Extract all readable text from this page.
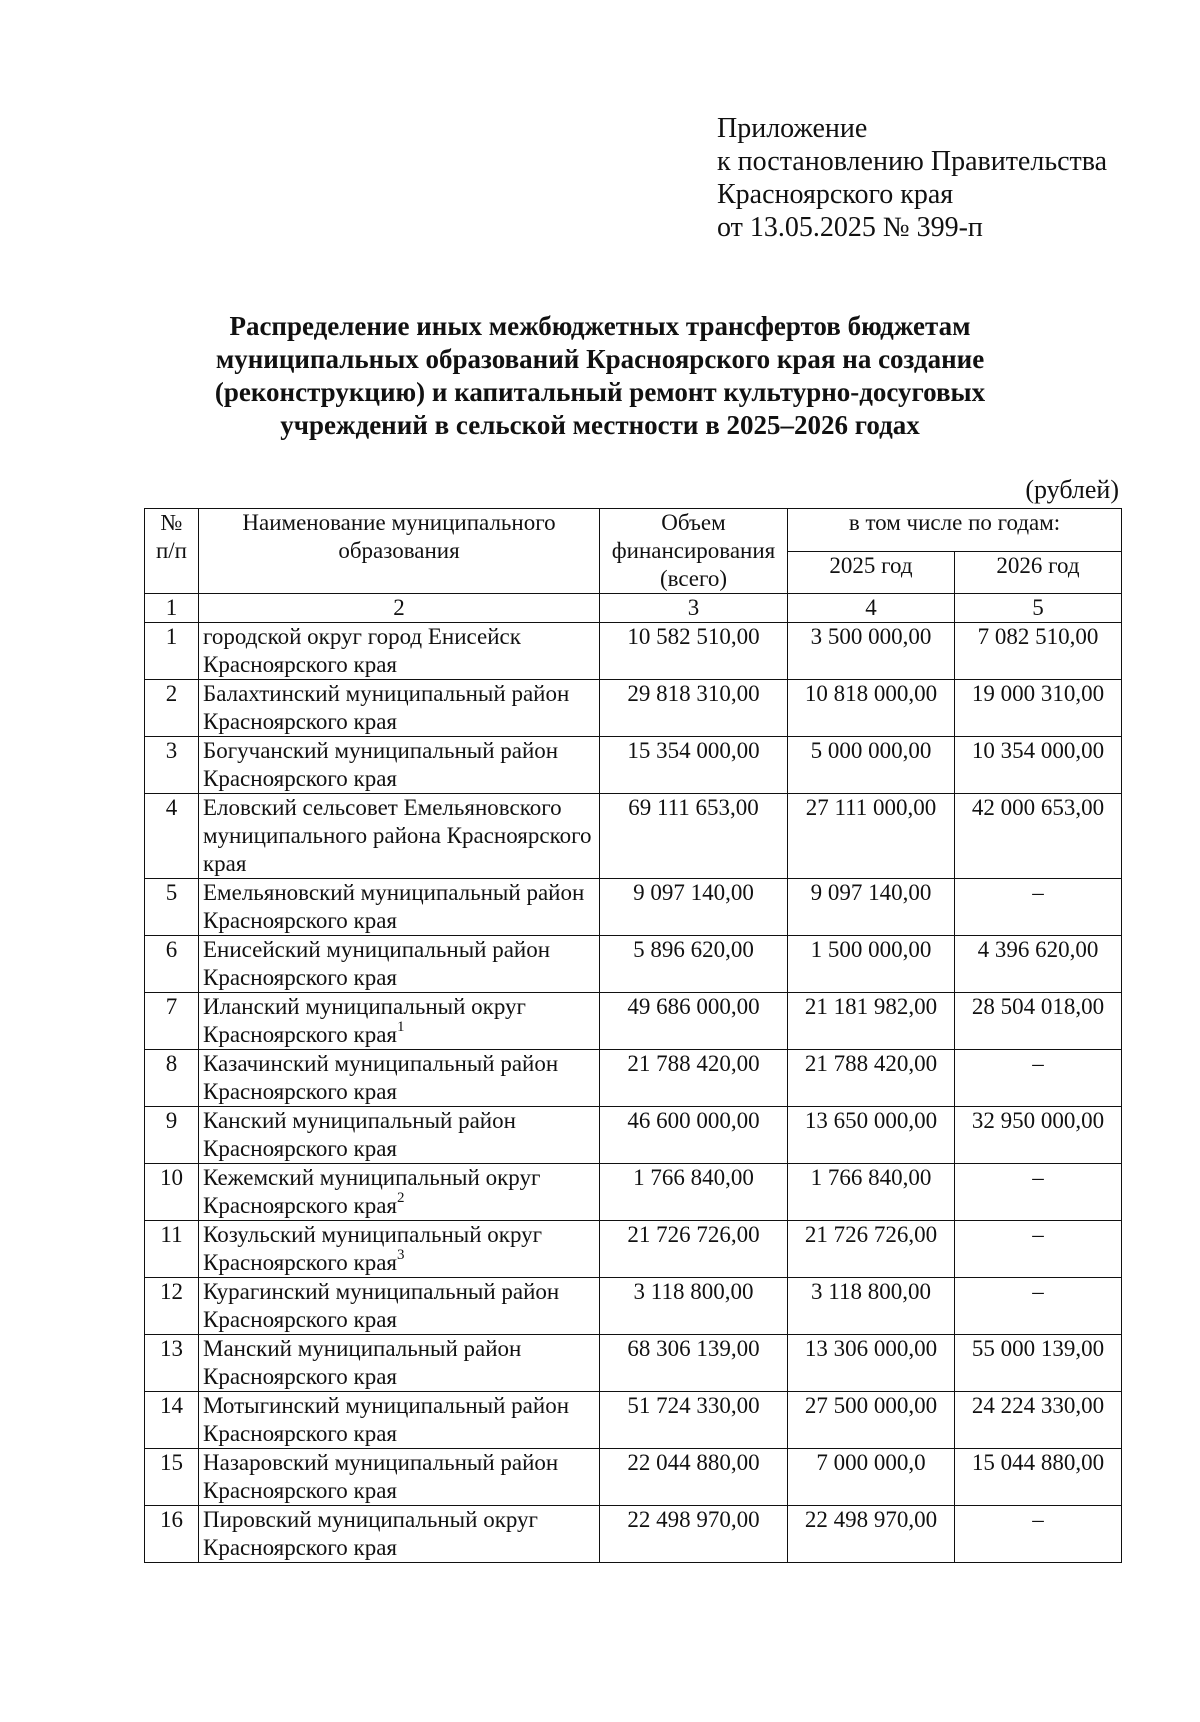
Приложение
к постановлению Правительства
Красноярского края
от 13.05.2025 № 399-п
Распределение иных межбюджетных трансфертов бюджетам
муниципальных образований Красноярского края на создание
(реконструкцию) и капитальный ремонт культурно-досуговых
учреждений в сельской местности в 2025–2026 годах
(рублей)
№ п/п	Наименование муниципального образования	Объем финансирования (всего)	в том числе по годам:	
			2025 год	2026 год
1	2	3	4	5
1	городской округ город Енисейск Красноярского края	10 582 510,00	3 500 000,00	7 082 510,00
2	Балахтинский муниципальный район Красноярского края	29 818 310,00	10 818 000,00	19 000 310,00
3	Богучанский муниципальный район Красноярского края	15 354 000,00	5 000 000,00	10 354 000,00
4	Еловский сельсовет Емельяновского муниципального района Красноярского края	69 111 653,00	27 111 000,00	42 000 653,00
5	Емельяновский муниципальный район Красноярского края	9 097 140,00	9 097 140,00	–
6	Енисейский муниципальный район Красноярского края	5 896 620,00	1 500 000,00	4 396 620,00
7	Иланский муниципальный округ Красноярского края$^1$	49 686 000,00	21 181 982,00	28 504 018,00
8	Казачинский муниципальный район Красноярского края	21 788 420,00	21 788 420,00	–
9	Канский муниципальный район Красноярского края	46 600 000,00	13 650 000,00	32 950 000,00
10	Кежемский муниципальный округ Красноярского края$^2$	1 766 840,00	1 766 840,00	–
11	Козульский муниципальный округ Красноярского края$^3$	21 726 726,00	21 726 726,00	–
12	Курагинский муниципальный район Красноярского края	3 118 800,00	3 118 800,00	–
13	Манский муниципальный район Красноярского края	68 306 139,00	13 306 000,00	55 000 139,00
14	Мотыгинский муниципальный район Красноярского края	51 724 330,00	27 500 000,00	24 224 330,00
15	Назаровский муниципальный район Красноярского края	22 044 880,00	7 000 000,0	15 044 880,00
16	Пировский муниципальный округ Красноярского края	22 498 970,00	22 498 970,00	–
